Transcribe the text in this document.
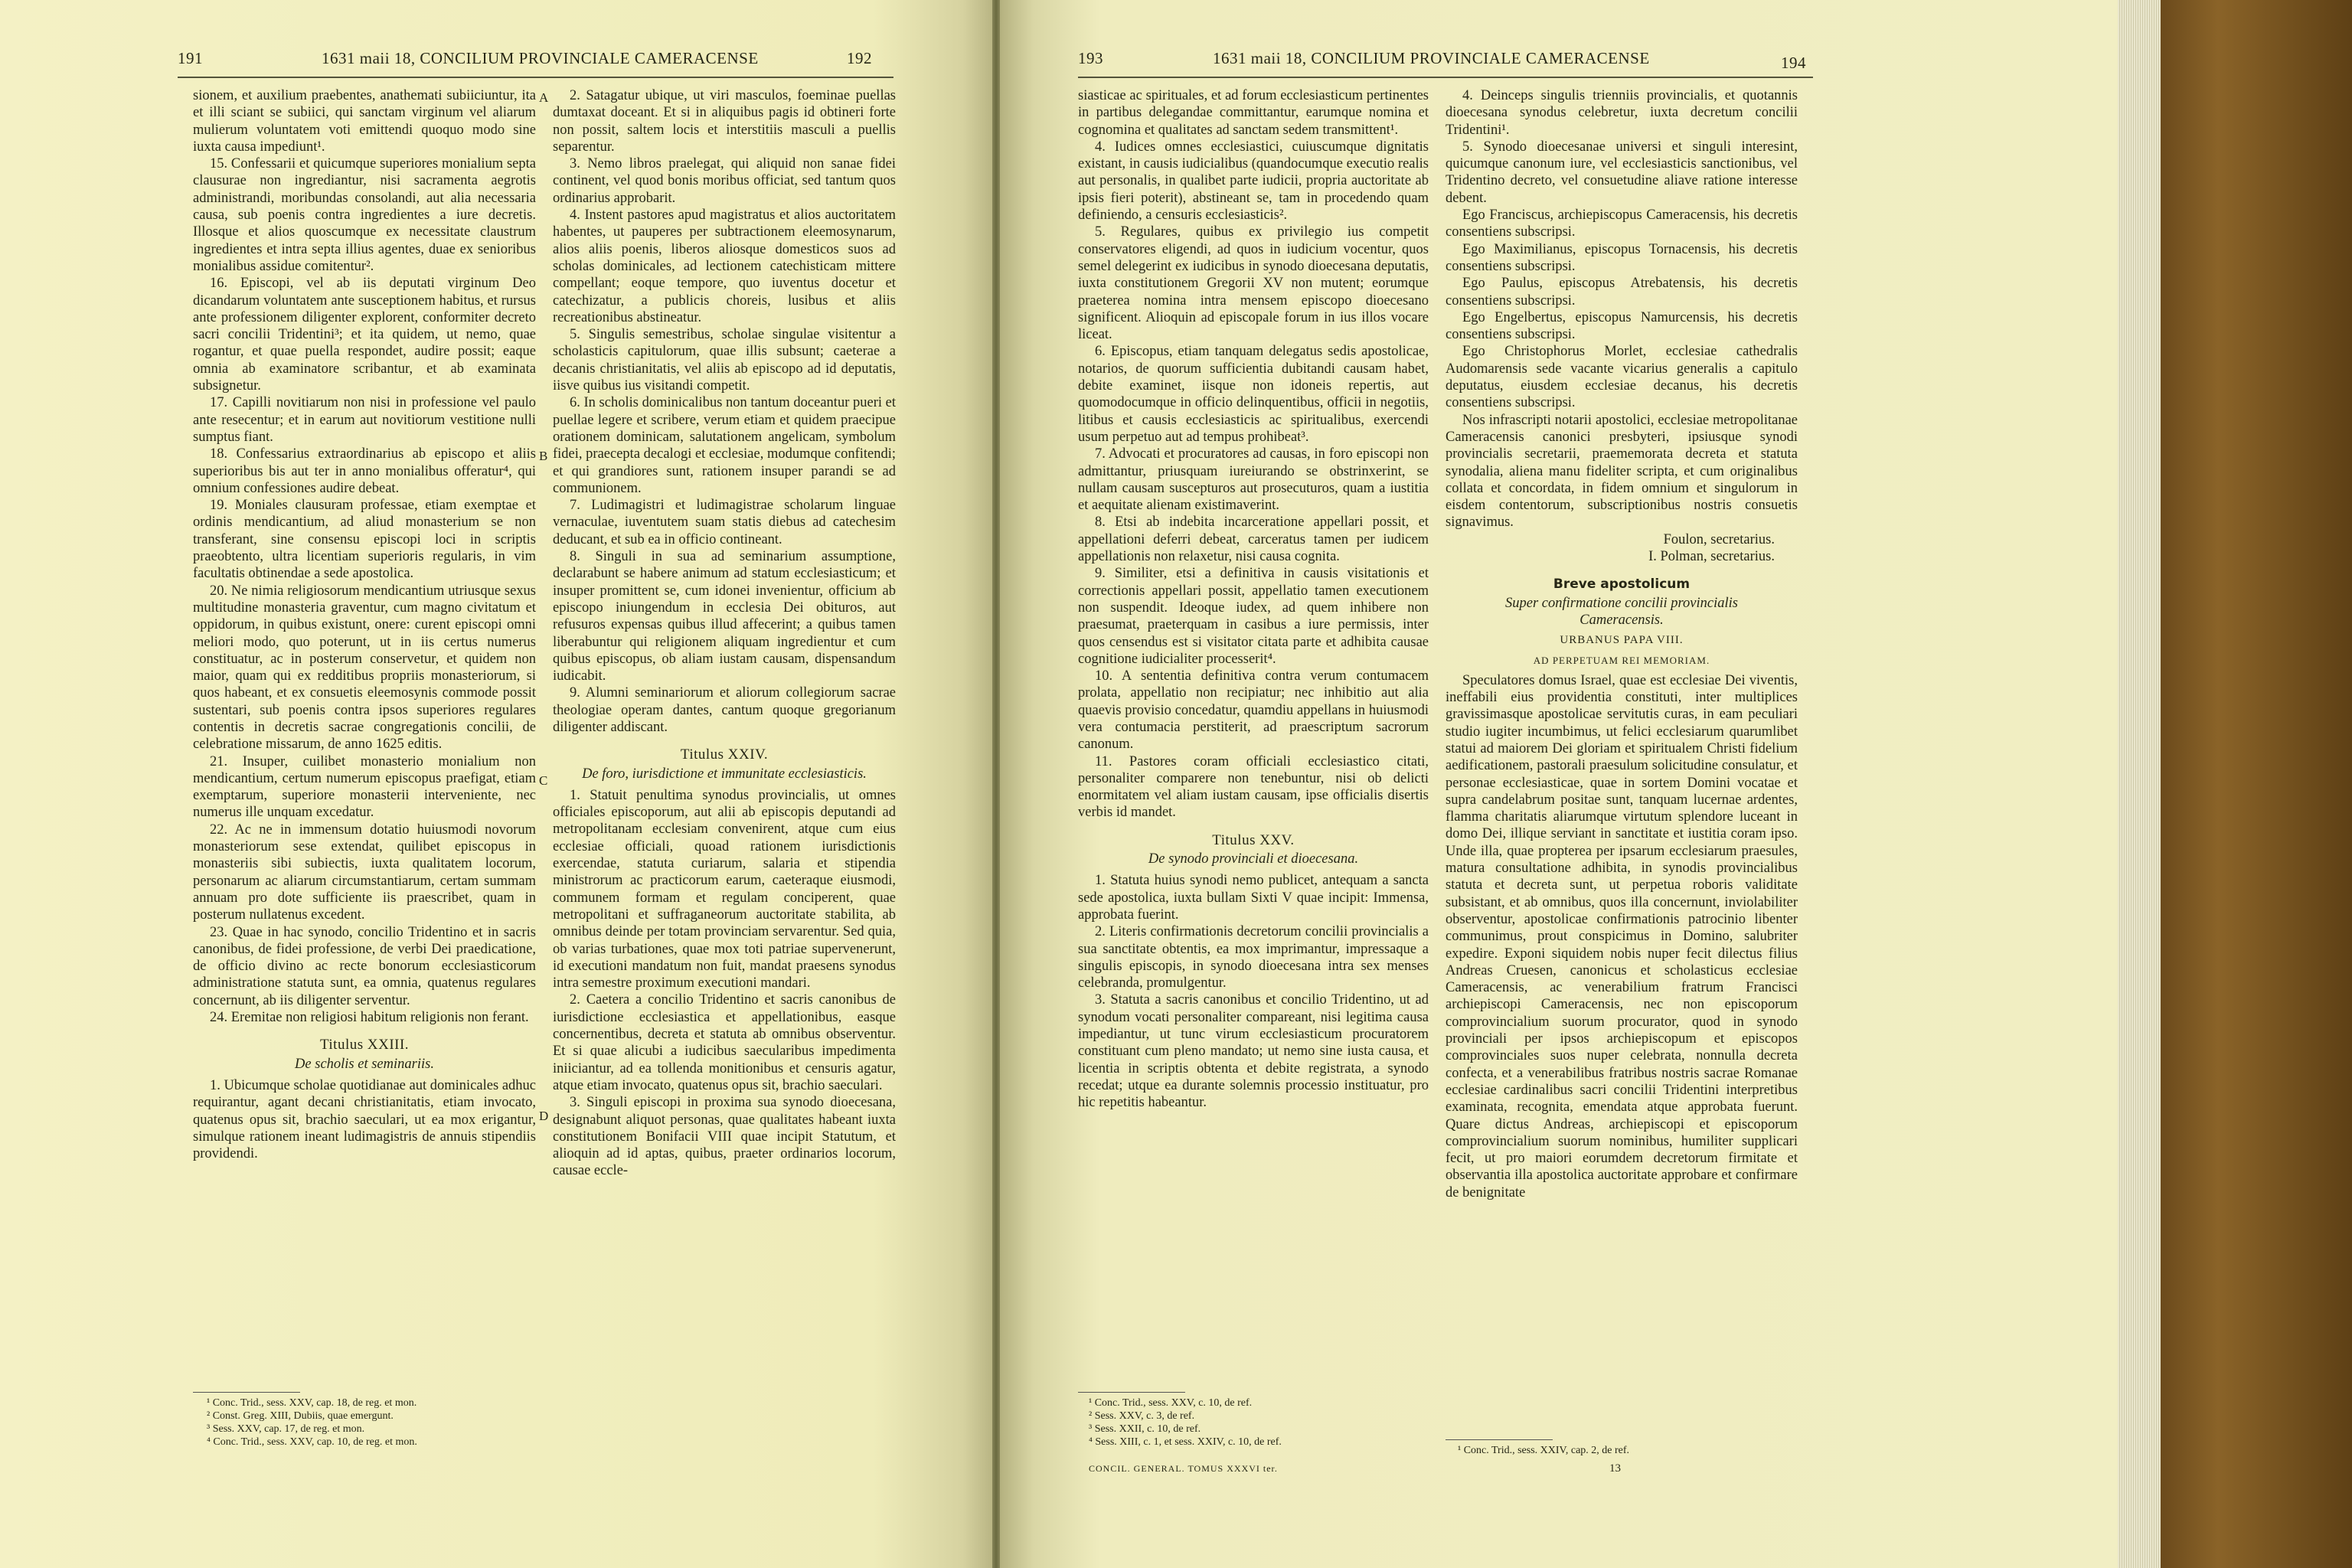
191	1631 maii 18, CONCILIUM PROVINCIALE CAMERACENSE	192

sionem, et auxilium praebentes, anathemati subiiciuntur, ita et illi sciant se subiici, qui sanctam virginum vel aliarum mulierum voluntatem voti emittendi quoquo modo sine iuxta causa impediunt¹.

15. Confessarii et quicumque superiores monialium septa clausurae non ingrediantur, nisi sacramenta aegrotis administrandi, moribundas consolandi, aut alia necessaria causa, sub poenis contra ingredientes a iure decretis. Illosque et alios quoscumque ex necessitate claustrum ingredientes et intra septa illius agentes, duae ex senioribus monialibus assidue comitentur².

16. Episcopi, vel ab iis deputati virginum Deo dicandarum voluntatem ante susceptionem habitus, et rursus ante professionem diligenter explorent, conformiter decreto sacri concilii Tridentini³; et ita quidem, ut nemo, quae rogantur, et quae puella respondet, audire possit; eaque omnia ab examinatore scribantur, et ab examinata subsignetur.

17. Capilli novitiarum non nisi in professione vel paulo ante resecentur; et in earum aut novitiorum vestitione nulli sumptus fiant.

18. Confessarius extraordinarius ab episcopo et aliis superioribus bis aut ter in anno monialibus offeratur⁴, qui omnium confessiones audire debeat.

19. Moniales clausuram professae, etiam exemptae et ordinis mendicantium, ad aliud monasterium se non transferant, sine consensu episcopi loci in scriptis praeobtento, ultra licentiam superioris regularis, in vim facultatis obtinendae a sede apostolica.

20. Ne nimia religiosorum mendicantium utriusque sexus multitudine monasteria graventur, cum magno civitatum et oppidorum, in quibus existunt, onere: curent episcopi omni meliori modo, quo poterunt, ut in iis certus numerus constituatur, ac in posterum conservetur, et quidem non maior, quam qui ex redditibus propriis monasteriorum, si quos habeant, et ex consuetis eleemosynis commode possit sustentari, sub poenis contra ipsos superiores regulares contentis in decretis sacrae congregationis concilii, de celebratione missarum, de anno 1625 editis.

21. Insuper, cuilibet monasterio monialium non mendicantium, certum numerum episcopus praefigat, etiam exemptarum, superiore monasterii interveniente, nec numerus ille unquam excedatur.

22. Ac ne in immensum dotatio huiusmodi novorum monasteriorum sese extendat, quilibet episcopus in monasteriis sibi subiectis, iuxta qualitatem locorum, personarum ac aliarum circumstantiarum, certam summam annuam pro dote sufficiente iis praescribet, quam in posterum nullatenus excedent.

23. Quae in hac synodo, concilio Tridentino et in sacris canonibus, de fidei professione, de verbi Dei praedicatione, de officio divino ac recte bonorum ecclesiasticorum administratione statuta sunt, ea omnia, quatenus regulares concernunt, ab iis diligenter serventur.

24. Eremitae non religiosi habitum religionis non ferant.

Titulus XXIII.
De scholis et seminariis.

1. Ubicumque scholae quotidianae aut dominicales adhuc requirantur, agant decani christianitatis, etiam invocato, quatenus opus sit, brachio saeculari, ut ea mox erigantur, simulque rationem ineant ludimagistris de annuis stipendiis providendi.

A
B
C
D

¹ Conc. Trid., sess. XXV, cap. 18, de reg. et mon.

² Const. Greg. XIII, Dubiis, quae emergunt.

³ Sess. XXV, cap. 17, de reg. et mon.

⁴ Conc. Trid., sess. XXV, cap. 10, de reg. et mon.

2. Satagatur ubique, ut viri masculos, foeminae puellas dumtaxat doceant. Et si in aliquibus pagis id obtineri forte non possit, saltem locis et interstitiis masculi a puellis separentur.

3. Nemo libros praelegat, qui aliquid non sanae fidei continent, vel quod bonis moribus officiat, sed tantum quos ordinarius approbarit.

4. Instent pastores apud magistratus et alios auctoritatem habentes, ut pauperes per subtractionem eleemosynarum, alios aliis poenis, liberos aliosque domesticos suos ad scholas dominicales, ad lectionem catechisticam mittere compellant; eoque tempore, quo iuventus docetur et catechizatur, a publicis choreis, lusibus et aliis recreationibus abstineatur.

5. Singulis semestribus, scholae singulae visitentur a scholasticis capitulorum, quae illis subsunt; caeterae a decanis christianitatis, vel aliis ab episcopo ad id deputatis, iisve quibus ius visitandi competit.

6. In scholis dominicalibus non tantum doceantur pueri et puellae legere et scribere, verum etiam et quidem praecipue orationem dominicam, salutationem angelicam, symbolum fidei, praecepta decalogi et ecclesiae, modumque confitendi; et qui grandiores sunt, rationem insuper parandi se ad communionem.

7. Ludimagistri et ludimagistrae scholarum linguae vernaculae, iuventutem suam statis diebus ad catechesim deducant, et sub ea in officio contineant.

8. Singuli in sua ad seminarium assumptione, declarabunt se habere animum ad statum ecclesiasticum; et insuper promittent se, cum idonei invenientur, officium ab episcopo iniungendum in ecclesia Dei obituros, aut refusuros expensas quibus illud affecerint; a quibus tamen liberabuntur qui religionem aliquam ingredientur et cum quibus episcopus, ob aliam iustam causam, dispensandum iudicabit.

9. Alumni seminariorum et aliorum collegiorum sacrae theologiae operam dantes, cantum quoque gregorianum diligenter addiscant.

Titulus XXIV.
De foro, iurisdictione et immunitate ecclesiasticis.

1. Statuit penultima synodus provincialis, ut omnes officiales episcoporum, aut alii ab episcopis deputandi ad metropolitanam ecclesiam convenirent, atque cum eius ecclesiae officiali, quoad rationem iurisdictionis exercendae, statuta curiarum, salaria et stipendia ministrorum ac practicorum earum, caeteraque eiusmodi, communem formam et regulam conciperent, quae metropolitani et suffraganeorum auctoritate stabilita, ab omnibus deinde per totam provinciam servarentur. Sed quia, ob varias turbationes, quae mox toti patriae supervenerunt, id executioni mandatum non fuit, mandat praesens synodus intra semestre proximum executioni mandari.

2. Caetera a concilio Tridentino et sacris canonibus de iurisdictione ecclesiastica et appellationibus, easque concernentibus, decreta et statuta ab omnibus observentur. Et si quae alicubi a iudicibus saecularibus impedimenta iniiciantur, ad ea tollenda monitionibus et censuris agatur, atque etiam invocato, quatenus opus sit, brachio saeculari.

3. Singuli episcopi in proxima sua synodo dioecesana, designabunt aliquot personas, quae qualitates habeant iuxta constitutionem Bonifacii VIII quae incipit Statutum, et alioquin ad id aptas, quibus, praeter ordinarios locorum, causae eccle-

193	1631 maii 18, CONCILIUM PROVINCIALE CAMERACENSE	194

siasticae ac spirituales, et ad forum ecclesiasticum pertinentes in partibus delegandae committantur, earumque nomina et cognomina et qualitates ad sanctam sedem transmittent¹.

4. Iudices omnes ecclesiastici, cuiuscumque dignitatis existant, in causis iudicialibus (quandocumque executio realis aut personalis, in qualibet parte iudicii, propria auctoritate ab ipsis fieri poterit), abstineant se, tam in procedendo quam definiendo, a censuris ecclesiasticis².

5. Regulares, quibus ex privilegio ius competit conservatores eligendi, ad quos in iudicium vocentur, quos semel delegerint ex iudicibus in synodo dioecesana deputatis, iuxta constitutionem Gregorii XV non mutent; eorumque praeterea nomina intra mensem episcopo dioecesano significent. Alioquin ad episcopale forum in ius illos vocare liceat.

6. Episcopus, etiam tanquam delegatus sedis apostolicae, notarios, de quorum sufficientia dubitandi causam habet, debite examinet, iisque non idoneis repertis, aut quomodocumque in officio delinquentibus, officii in negotiis, litibus et causis ecclesiasticis ac spiritualibus, exercendi usum perpetuo aut ad tempus prohibeat³.

7. Advocati et procuratores ad causas, in foro episcopi non admittantur, priusquam iureiurando se obstrinxerint, se nullam causam suscepturos aut prosecuturos, quam a iustitia et aequitate alienam existimaverint.

8. Etsi ab indebita incarceratione appellari possit, et appellationi deferri debeat, carceratus tamen per iudicem appellationis non relaxetur, nisi causa cognita.

9. Similiter, etsi a definitiva in causis visitationis et correctionis appellari possit, appellatio tamen executionem non suspendit. Ideoque iudex, ad quem inhibere non praesumat, praeterquam in casibus a iure permissis, inter quos censendus est si visitator citata parte et adhibita causae cognitione iudicialiter processerit⁴.

10. A sententia definitiva contra verum contumacem prolata, appellatio non recipiatur; nec inhibitio aut alia quaevis provisio concedatur, quamdiu appellans in huiusmodi vera contumacia perstiterit, ad praescriptum sacrorum canonum.

11. Pastores coram officiali ecclesiastico citati, personaliter comparere non tenebuntur, nisi ob delicti enormitatem vel aliam iustam causam, ipse officialis disertis verbis id mandet.

Titulus XXV.
De synodo provinciali et dioecesana.

1. Statuta huius synodi nemo publicet, antequam a sancta sede apostolica, iuxta bullam Sixti V quae incipit: Immensa, approbata fuerint.

2. Literis confirmationis decretorum concilii provincialis a sua sanctitate obtentis, ea mox imprimantur, impressaque a singulis episcopis, in synodo dioecesana intra sex menses celebranda, promulgentur.

3. Statuta a sacris canonibus et concilio Tridentino, ut ad synodum vocati personaliter compareant, nisi legitima causa impediantur, ut tunc virum ecclesiasticum procuratorem constituant cum pleno mandato; ut nemo sine iusta causa, et licentia in scriptis obtenta et debite registrata, a synodo recedat; utque ea durante solemnis processio instituatur, pro hic repetitis habeantur.

¹ Conc. Trid., sess. XXV, c. 10, de ref.

² Sess. XXV, c. 3, de ref.

³ Sess. XXII, c. 10, de ref.

⁴ Sess. XIII, c. 1, et sess. XXIV, c. 10, de ref.

CONCIL. GENERAL. TOMUS XXXVI ter.

4. Deinceps singulis trienniis provincialis, et quotannis dioecesana synodus celebretur, iuxta decretum concilii Tridentini¹.

5. Synodo dioecesanae universi et singuli interesint, quicumque canonum iure, vel ecclesiasticis sanctionibus, vel Tridentino decreto, vel consuetudine aliave ratione interesse debent.

Ego Franciscus, archiepiscopus Cameracensis, his decretis consentiens subscripsi.

Ego Maximilianus, episcopus Tornacensis, his decretis consentiens subscripsi.

Ego Paulus, episcopus Atrebatensis, his decretis consentiens subscripsi.

Ego Engelbertus, episcopus Namurcensis, his decretis consentiens subscripsi.

Ego Christophorus Morlet, ecclesiae cathedralis Audomarensis sede vacante vicarius generalis a capitulo deputatus, eiusdem ecclesiae decanus, his decretis consentiens subscripsi.

Nos infrascripti notarii apostolici, ecclesiae metropolitanae Cameracensis canonici presbyteri, ipsiusque synodi provincialis secretarii, praememorata decreta et statuta synodalia, aliena manu fideliter scripta, et cum originalibus collata et concordata, in fidem omnium et singulorum in eisdem contentorum, subscriptionibus nostris consuetis signavimus.

Foulon, secretarius.

I. Polman, secretarius.

Breve apostolicum
Super confirmatione concilii provincialis
Cameracensis.
URBANUS PAPA VIII.
AD PERPETUAM REI MEMORIAM.

Speculatores domus Israel, quae est ecclesiae Dei viventis, ineffabili eius providentia constituti, inter multiplices gravissimasque apostolicae servitutis curas, in eam peculiari studio iugiter incumbimus, ut felici ecclesiarum quarumlibet statui ad maiorem Dei gloriam et spiritualem Christi fidelium aedificationem, pastorali praesulum solicitudine consulatur, et personae ecclesiasticae, quae in sortem Domini vocatae et supra candelabrum positae sunt, tanquam lucernae ardentes, flamma charitatis aliarumque virtutum splendore luceant in domo Dei, illique serviant in sanctitate et iustitia coram ipso. Unde illa, quae propterea per ipsarum ecclesiarum praesules, matura consultatione adhibita, in synodis provincialibus statuta et decreta sunt, ut perpetua roboris validitate subsistant, et ab omnibus, quos illa concernunt, inviolabiliter observentur, apostolicae confirmationis patrocinio libenter communimus, prout conspicimus in Domino, salubriter expedire. Exponi siquidem nobis nuper fecit dilectus filius Andreas Cruesen, canonicus et scholasticus ecclesiae Cameracensis, ac venerabilium fratrum Francisci archiepiscopi Cameracensis, nec non episcoporum comprovincialium suorum procurator, quod in synodo provinciali per ipsos archiepiscopum et episcopos comprovinciales suos nuper celebrata, nonnulla decreta confecta, et a venerabilibus fratribus nostris sacrae Romanae ecclesiae cardinalibus sacri concilii Tridentini interpretibus examinata, recognita, emendata atque approbata fuerunt. Quare dictus Andreas, archiepiscopi et episcoporum comprovincialium suorum nominibus, humiliter supplicari fecit, ut pro maiori eorumdem decretorum firmitate et observantia illa apostolica auctoritate approbare et confirmare de benignitate

¹ Conc. Trid., sess. XXIV, cap. 2, de ref.

13
